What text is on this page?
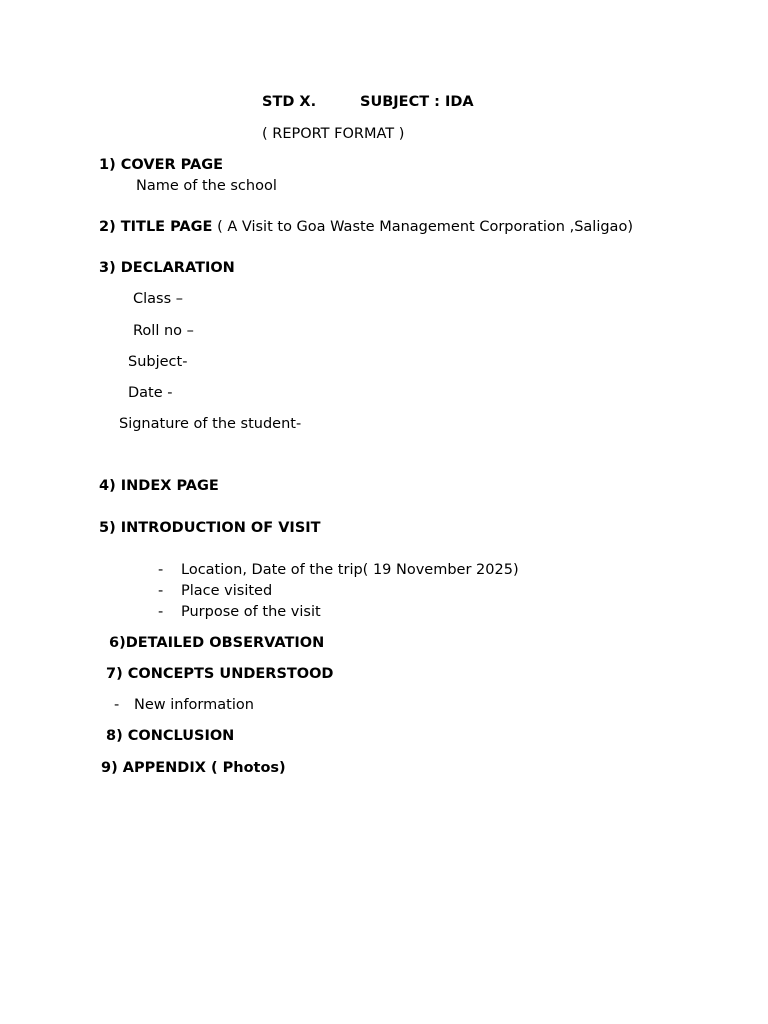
STD X.	SUBJECT : IDA
( REPORT FORMAT )
1) COVER PAGE
Name of the school
2) TITLE PAGE ( A Visit to Goa Waste Management Corporation ,Saligao)
3) DECLARATION
Class –
Roll no –
Subject-
Date -
Signature of the student-
4) INDEX PAGE
5) INTRODUCTION OF VISIT
- Location, Date of the trip( 19 November 2025)
- Place visited
- Purpose of the visit
6)DETAILED OBSERVATION
7) CONCEPTS UNDERSTOOD
- New information
8) CONCLUSION
9) APPENDIX ( Photos)
